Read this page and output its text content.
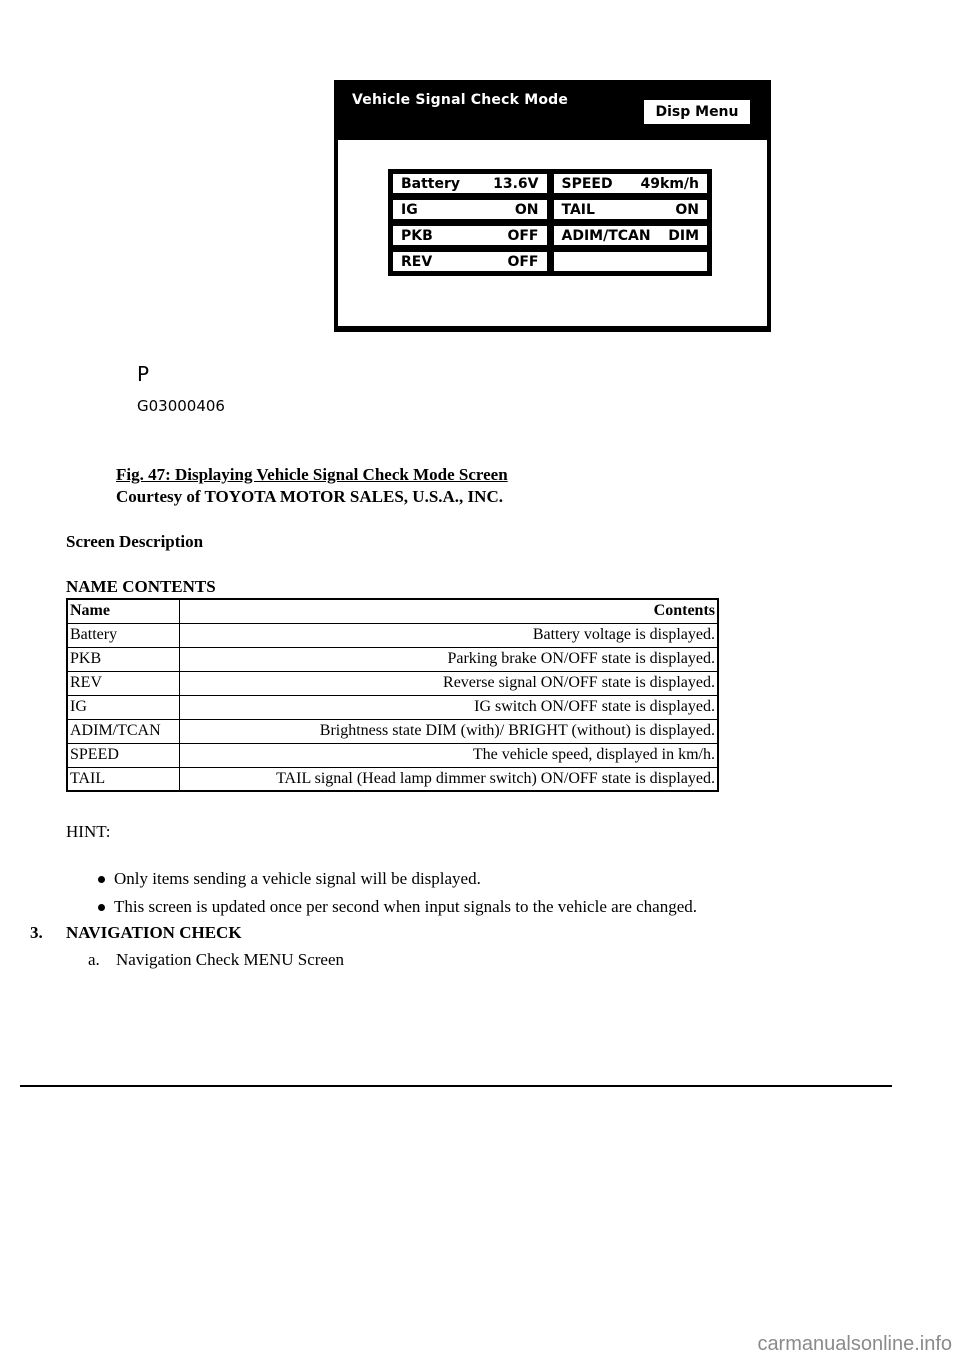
Vehicle Signal Check Mode
Disp Menu
Battery 13.6V SPEED 49km/h
IG	ON TAIL	ON
PKB	OFF ADIM/TCAN DIM
REV	OFF
P
G03000406
Fig. 47: Displaying Vehicle Signal Check Mode Screen
Courtesy of TOYOTA MOTOR SALES, U.S.A., INC.
Screen Description
NAME CONTENTS
Name	Contents
Battery	Battery voltage is displayed.
PKB	Parking brake ON/OFF state is displayed.
REV	Reverse signal ON/OFF state is displayed.
IG	IG switch ON/OFF state is displayed.
ADIM/TCAN	Brightness state DIM (with)/ BRIGHT (without) is displayed.
SPEED	The vehicle speed, displayed in km/h.
TAIL	TAIL signal (Head lamp dimmer switch) ON/OFF state is displayed.
HINT:
Only items sending a vehicle signal will be displayed.
This screen is updated once per second when input signals to the vehicle are changed.
3. NAVIGATION CHECK
a. Navigation Check MENU Screen
carmanualsonline.info
